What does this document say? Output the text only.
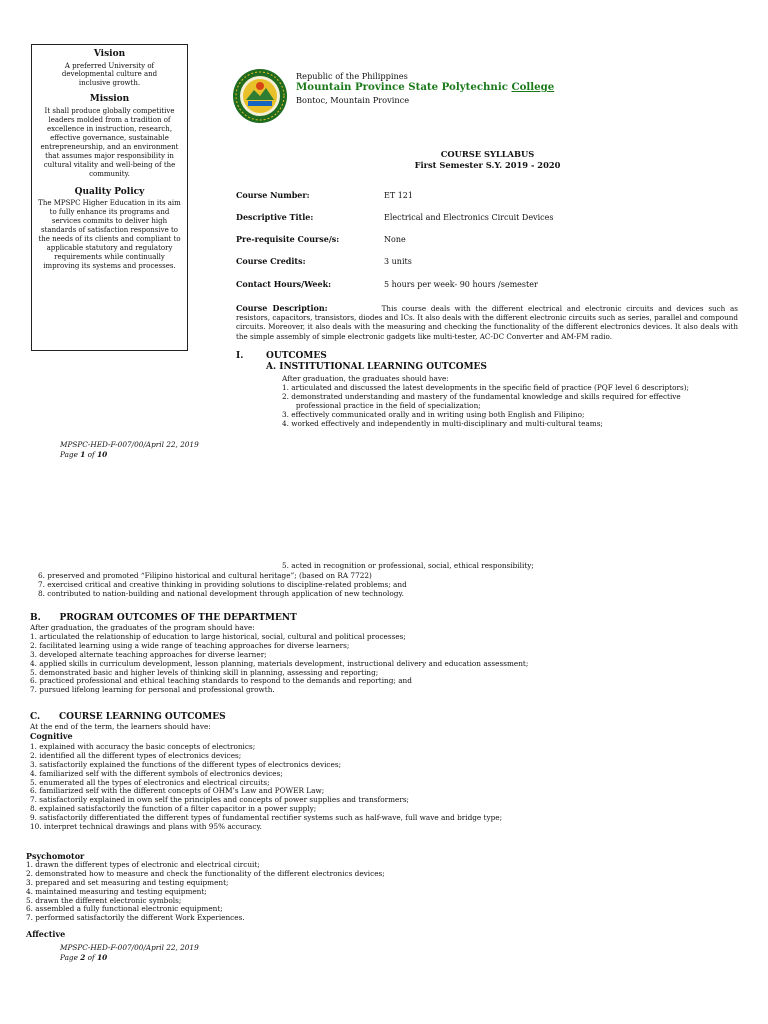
Vision

A preferred University of developmental culture and inclusive growth.

Mission

It shall produce globally competitive leaders molded from a tradition of excellence in instruction, research, effective governance, sustainable entrepreneurship, and an environment that assumes major responsibility in cultural vitality and well-being of the community.

Quality Policy

The MPSPC Higher Education in its aim to fully enhance its programs and services commits to deliver high standards of satisfaction responsive to the needs of its clients and compliant to applicable statutory and regulatory requirements while continually improving its systems and processes.

Republic of the Philippines
Mountain Province State Polytechnic College
Bontoc, Mountain Province
COURSE SYLLABUS
First Semester S.Y. 2019 - 2020
Course Number:	ET 121
Descriptive Title:	Electrical and Electronics Circuit Devices
Pre-requisite Course/s:	None
Course Credits:	3 units
Contact Hours/Week:	5 hours per week- 90 hours /semester
Course Description:	This course deals with the different electrical and electronic circuits and devices such as resistors, capacitors, transistors, diodes and ICs. It also deals with the different electronic circuits such as series, parallel and compound circuits. Moreover, it also deals with the measuring and checking the functionality of the different electronics devices. It also deals with the simple assembly of simple electronic gadgets like multi-tester, AC-DC Converter and AM-FM radio.
I.	OUTCOMES
A. INSTITUTIONAL LEARNING OUTCOMES
After graduation, the graduates should have:
1. articulated and discussed the latest developments in the specific field of practice (PQF level 6 descriptors);
2. demonstrated understanding and mastery of the fundamental knowledge and skills required for effective
professional practice in the field of specialization;
3. effectively communicated orally and in writing using both English and Filipino;
4. worked effectively and independently in multi-disciplinary and multi-cultural teams;
MPSPC-HED-F-007/00/April 22, 2019
Page 1 of 10
5. acted in recognition or professional, social, ethical responsibility;
6. preserved and promoted “Filipino historical and cultural heritage”; (based on RA 7722)
7. exercised critical and creative thinking in providing solutions to discipline-related problems; and
8. contributed to nation-building and national development through application of new technology.
B.      PROGRAM OUTCOMES OF THE DEPARTMENT
After graduation, the graduates of the program should have:
1. articulated the relationship of education to large historical, social, cultural and political processes;
2. facilitated learning using a wide range of teaching approaches for diverse learners;
3. developed alternate teaching approaches for diverse learner;
4. applied skills in curriculum development, lesson planning, materials development, instructional delivery and education assessment;
5. demonstrated basic and higher levels of thinking skill in planning, assessing and reporting;
6. practiced professional and ethical teaching standards to respond to the demands and reporting; and
7. pursued lifelong learning for personal and professional growth.
C.      COURSE LEARNING OUTCOMES
At the end of the term, the learners should have:
Cognitive
1. explained with accuracy the basic concepts of electronics;
2. identified all the different types of electronics devices;
3. satisfactorily explained the functions of the different types of electronics devices;
4. familiarized self with the different symbols of electronics devices;
5. enumerated all the types of electronics and electrical circuits;
6. familiarized self with the different concepts of OHM’s Law and POWER Law;
7. satisfactorily explained in own self the principles and concepts of power supplies and transformers;
8. explained satisfactorily the function of a filter capacitor in a power supply;
9. satisfactorily differentiated the different types of fundamental rectifier systems such as half-wave, full wave and bridge type;
10. interpret technical drawings and plans with 95% accuracy.
Psychomotor
1. drawn the different types of electronic and electrical circuit;
2. demonstrated how to measure and check the functionality of the different electronics devices;
3. prepared and set measuring and testing equipment;
4. maintained measuring and testing equipment;
5. drawn the different electronic symbols;
6. assembled a fully functional electronic equipment;
7. performed satisfactorily the different Work Experiences.
Affective
MPSPC-HED-F-007/00/April 22, 2019
Page 2 of 10
